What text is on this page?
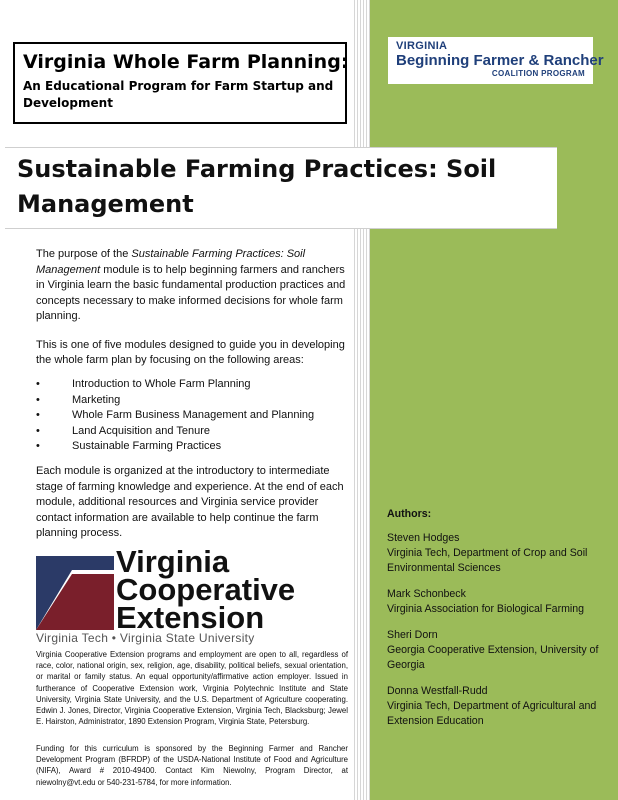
Virginia Whole Farm Planning:
An Educational Program for Farm Startup and Development
VIRGINIA
Beginning Farmer & Rancher
COALITION PROGRAM
Sustainable Farming Practices: Soil
Management

The purpose of the Sustainable Farming Practices: Soil Management module is to help beginning farmers and ranchers in Virginia learn the basic fundamental production practices and concepts necessary to make informed decisions for whole farm planning.

This is one of five modules designed to guide you in developing the whole farm plan by focusing on the following areas:

•	Introduction to Whole Farm Planning
•	Marketing
•	Whole Farm Business Management and Planning
•	Land Acquisition and Tenure
•	Sustainable Farming Practices
Each module is organized at the introductory to intermediate stage of farming knowledge and experience. At the end of each module, additional resources and Virginia service provider contact information are available to help continue the farm planning process.
Virginia
Cooperative
Extension
Virginia Tech • Virginia State University
Virginia Cooperative Extension programs and employment are open to all, regardless of race, color, national origin, sex, religion, age, disability, political beliefs, sexual orientation, or marital or family status. An equal opportunity/affirmative action employer. Issued in furtherance of Cooperative Extension work, Virginia Polytechnic Institute and State University, Virginia State University, and the U.S. Department of Agriculture cooperating. Edwin J. Jones, Director, Virginia Cooperative Extension, Virginia Tech, Blacksburg; Jewel E. Hairston, Administrator, 1890 Extension Program, Virginia State, Petersburg.
Funding for this curriculum is sponsored by the Beginning Farmer and Rancher Development Program (BFRDP) of the USDA-National Institute of Food and Agriculture (NIFA), Award # 2010-49400. Contact Kim Niewolny, Program Director, at niewolny@vt.edu or 540-231-5784, for more information.
Authors:
Steven Hodges
Virginia Tech, Department of Crop and Soil Environmental Sciences
Mark Schonbeck
Virginia Association for Biological Farming
Sheri Dorn
Georgia Cooperative Extension, University of Georgia
Donna Westfall-Rudd
Virginia Tech, Department of Agricultural and Extension Education
